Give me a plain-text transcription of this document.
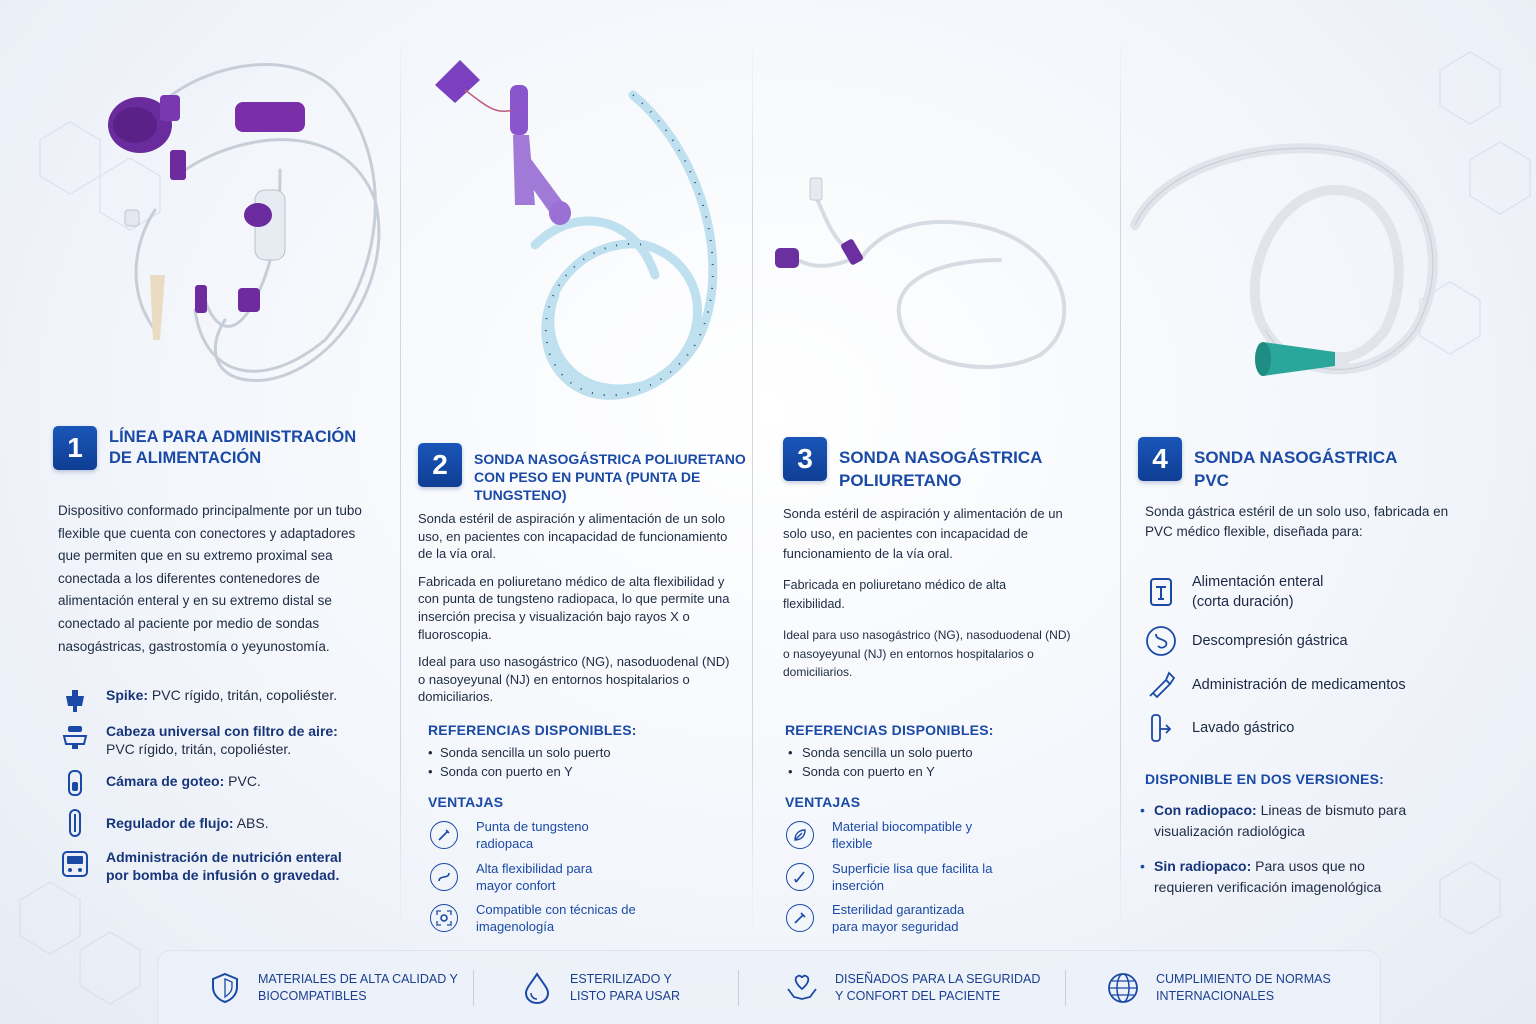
1	LÍNEA PARA ADMINISTRACIÓN DE ALIMENTACIÓN
Dispositivo conformado principalmente por un tubo flexible que cuenta con conectores y adaptadores que permiten que en su extremo proximal sea conectada a los diferentes contenedores de alimentación enteral y en su extremo distal se conectado al paciente por medio de sondas nasogástricas, gastrostomía o yeyunostomía.
Spike: PVC rígido, tritán, copoliéster.
Cabeza universal con filtro de aire:
PVC rígido, tritán, copoliéster.
Cámara de goteo: PVC.
Regulador de flujo: ABS.
Administración de nutrición enteral por bomba de infusión o gravedad.
2	SONDA NASOGÁSTRICA POLIURETANO CON PESO EN PUNTA (PUNTA DE TUNGSTENO)

Sonda estéril de aspiración y alimentación de un solo uso, en pacientes con incapacidad de funcionamiento de la vía oral.

Fabricada en poliuretano médico de alta flexibilidad y con punta de tungsteno radiopaca, lo que permite una inserción precisa y visualización bajo rayos X o fluoroscopia.

Ideal para uso nasogástrico (NG), nasoduodenal (ND) o nasoyeyunal (NJ) en entornos hospitalarios o domiciliarios.

REFERENCIAS DISPONIBLES:
• Sonda sencilla un solo puerto
• Sonda con puerto en Y
VENTAJAS
Punta de tungsteno radiopaca
Alta flexibilidad para mayor confort
Compatible con técnicas de imagenología
3	SONDA NASOGÁSTRICA POLIURETANO

Sonda estéril de aspiración y alimentación de un solo uso, en pacientes con incapacidad de funcionamiento de la vía oral.

Fabricada en poliuretano médico de alta flexibilidad.

Ideal para uso nasogástrico (NG), nasoduodenal (ND) o nasoyeyunal (NJ) en entornos hospitalarios o domiciliarios.

REFERENCIAS DISPONIBLES:
• Sonda sencilla un solo puerto
• Sonda con puerto en Y
VENTAJAS
Material biocompatible y flexible
Superficie lisa que facilita la inserción
Esterilidad garantizada para mayor seguridad
4	SONDA NASOGÁSTRICA PVC
Sonda gástrica estéril de un solo uso, fabricada en PVC médico flexible, diseñada para:
Alimentación enteral (corta duración)
Descompresión gástrica
Administración de medicamentos
Lavado gástrico
DISPONIBLE EN DOS VERSIONES:
• Con radiopaco: Lineas de bismuto para visualización radiológica
• Sin radiopaco: Para usos que no requieren verificación imagenológica
MATERIALES DE ALTA CALIDAD Y BIOCOMPATIBLES
ESTERILIZADO Y LISTO PARA USAR
DISEÑADOS PARA LA SEGURIDAD Y CONFORT DEL PACIENTE
CUMPLIMIENTO DE NORMAS INTERNACIONALES
